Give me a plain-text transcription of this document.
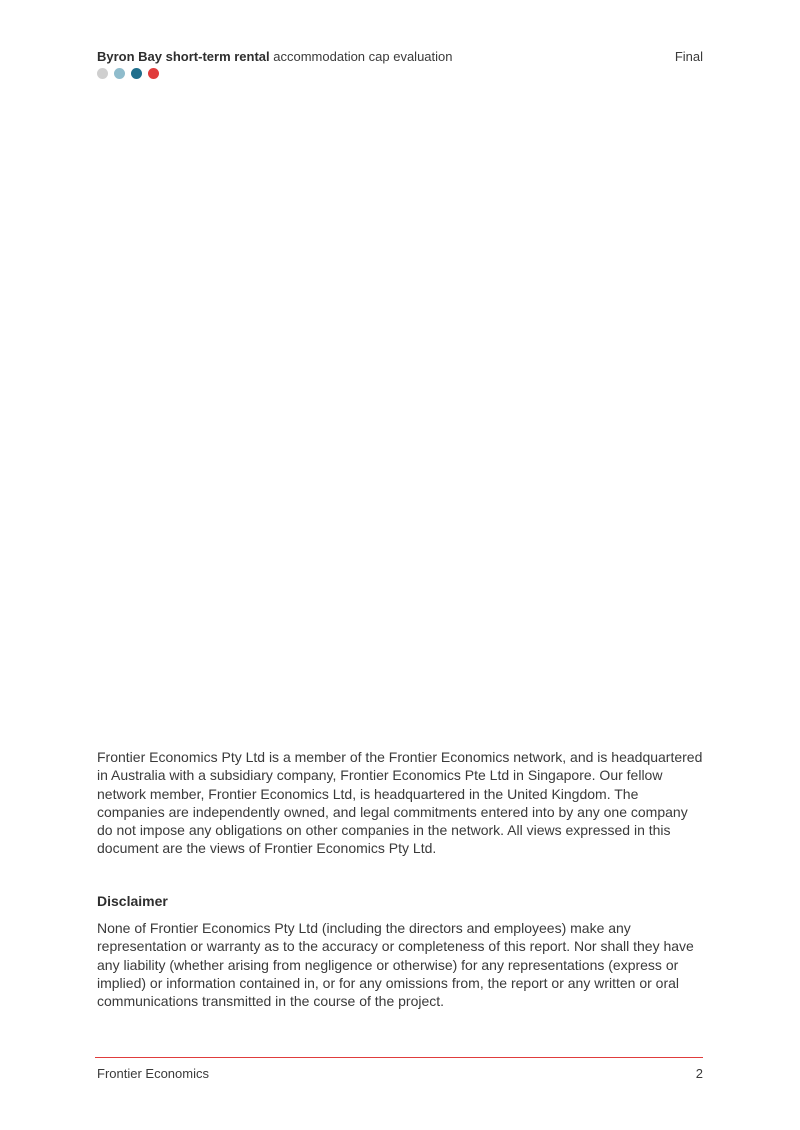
Byron Bay short-term rental accommodation cap evaluation	Final

Frontier Economics Pty Ltd is a member of the Frontier Economics network, and is headquartered in Australia with a subsidiary company, Frontier Economics Pte Ltd in Singapore. Our fellow network member, Frontier Economics Ltd, is headquartered in the United Kingdom. The companies are independently owned, and legal commitments entered into by any one company do not impose any obligations on other companies in the network. All views expressed in this document are the views of Frontier Economics Pty Ltd.

Disclaimer

None of Frontier Economics Pty Ltd (including the directors and employees) make any representation or warranty as to the accuracy or completeness of this report. Nor shall they have any liability (whether arising from negligence or otherwise) for any representations (express or implied) or information contained in, or for any omissions from, the report or any written or oral communications transmitted in the course of the project.

Frontier Economics	2
